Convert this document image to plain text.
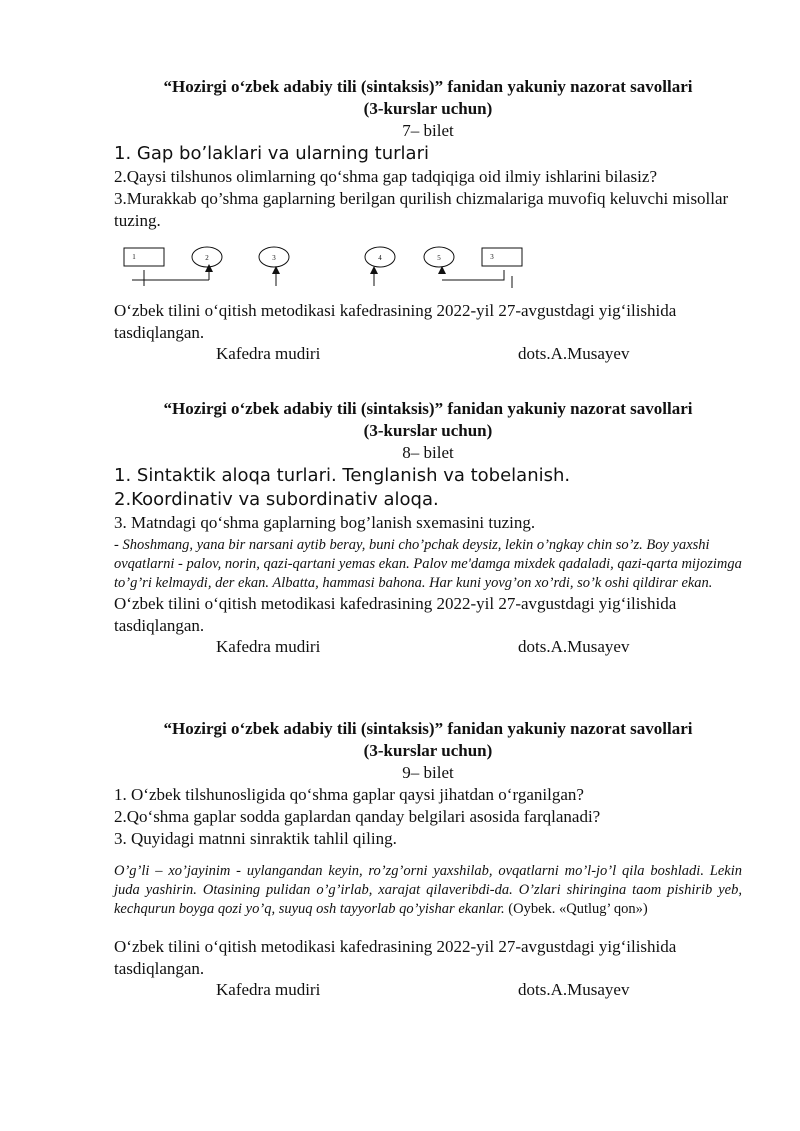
“Hozirgi o‘zbek adabiy tili (sintaksis)” fanidan yakuniy nazorat savollari

(3-kurslar uchun)

7– bilet

1. Gap bo’laklari va ularning turlari

2.Qaysi tilshunos olimlarning qo‘shma gap tadqiqiga oid ilmiy ishlarini bilasiz?

3.Murakkab qo’shma gaplarning berilgan qurilish chizmalariga muvofiq keluvchi misollar tuzing.

1	2	3	4	5	3

O‘zbek tilini o‘qitish metodikasi kafedrasining 2022-yil 27-avgustdagi yig‘ilishida tasdiqlangan.

Kafedra mudiri	dots.A.Musayev

“Hozirgi o‘zbek adabiy tili (sintaksis)” fanidan yakuniy nazorat savollari

(3-kurslar uchun)

8– bilet

1. Sintaktik aloqa turlari. Tenglanish va tobelanish.

2.Koordinativ va subordinativ aloqa.

3. Matndagi qo‘shma gaplarning bog’lanish sxemasini tuzing.

- Shoshmang, yana bir narsani aytib beray, buni cho’pchak deysiz, lekin o’ngkay chin so’z. Boy yaxshi ovqatlarni - palov, norin, qazi-qartani yemas ekan. Palov me'damga mixdek qadaladi, qazi-qarta mijozimga to’g’ri kelmaydi, der ekan. Albatta, hammasi bahona. Har kuni yovg’on xo’rdi, so’k oshi qildirar ekan.

O‘zbek tilini o‘qitish metodikasi kafedrasining 2022-yil 27-avgustdagi yig‘ilishida tasdiqlangan.

Kafedra mudiri	dots.A.Musayev

“Hozirgi o‘zbek adabiy tili (sintaksis)” fanidan yakuniy nazorat savollari

(3-kurslar uchun)

9– bilet

1. O‘zbek tilshunosligida qo‘shma gaplar qaysi jihatdan o‘rganilgan?

2.Qo‘shma gaplar sodda gaplardan qanday belgilari asosida farqlanadi?

3. Quyidagi matnni sinraktik tahlil qiling.

O’g’li – xo’jayinim - uylangandan keyin, ro’zg’orni yaxshilab, ovqatlarni mo’l-jo’l qila boshladi. Lekin juda yashirin. Otasining pulidan o’g’irlab, xarajat qilaveribdi-da. O’zlari shiringina taom pishirib yeb, kechqurun boyga qozi yo’q, suyuq osh tayyorlab qo’yishar ekanlar. (Oybek. «Qutlug’ qon»)

O‘zbek tilini o‘qitish metodikasi kafedrasining 2022-yil 27-avgustdagi yig‘ilishida tasdiqlangan.

Kafedra mudiri	dots.A.Musayev
